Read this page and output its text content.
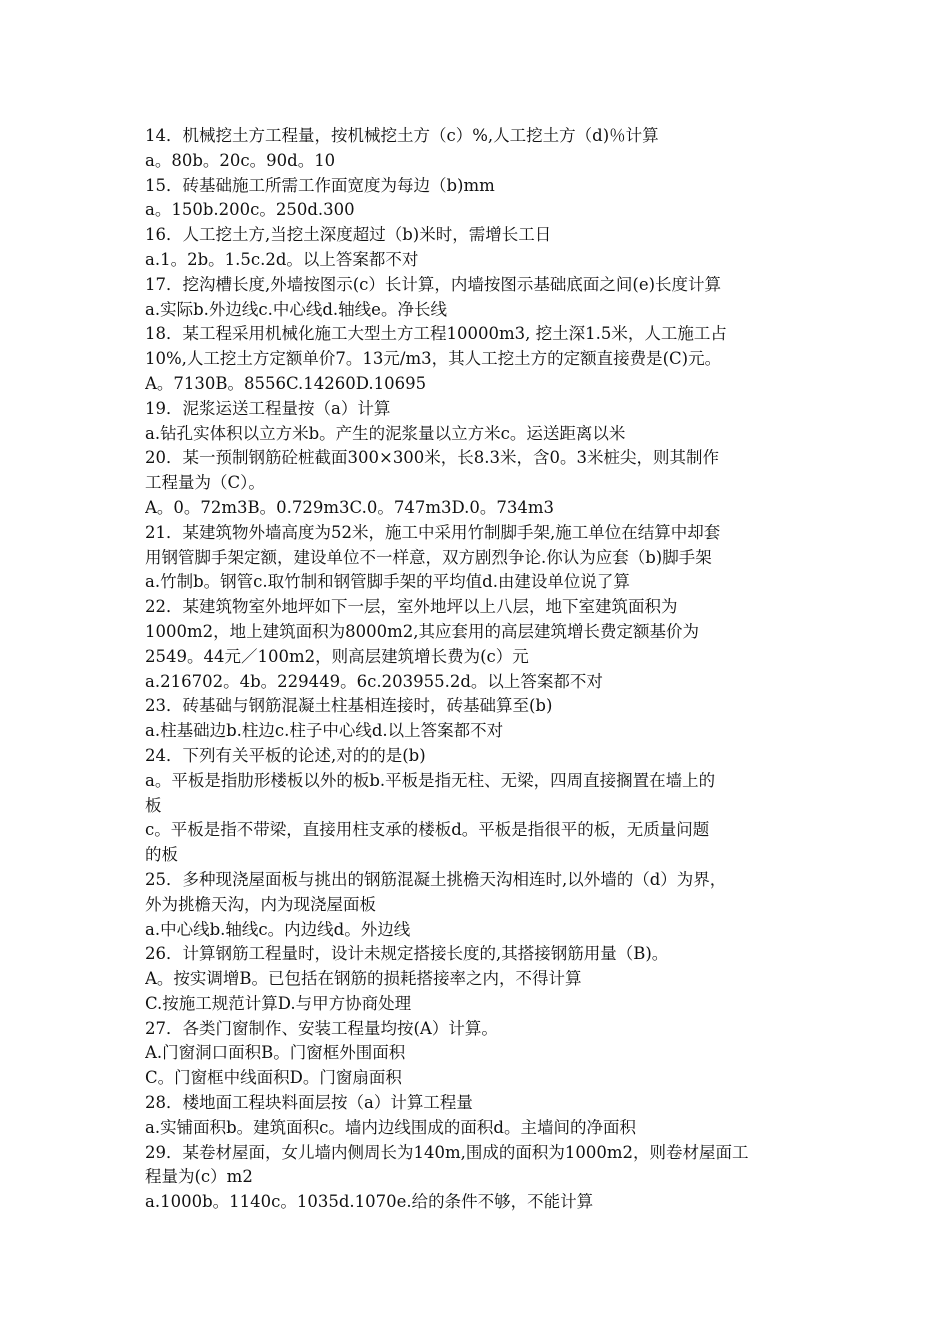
14．机械挖土方工程量，按机械挖土方（c）%,人工挖土方（d)％计算
a。80b。20c。90d。10
15．砖基础施工所需工作面宽度为每边（b)mm
a。150b.200c。250d.300
16．人工挖土方,当挖土深度超过（b)米时，需增长工日
a.1。2b。1.5c.2d。以上答案都不对
17．挖沟槽长度,外墙按图示(c）长计算，内墙按图示基础底面之间(e)长度计算
a.实际b.外边线c.中心线d.轴线e。净长线
18．某工程采用机械化施工大型土方工程10000m3, 挖土深1.5米，人工施工占
10%,人工挖土方定额单价7。13元/m3，其人工挖土方的定额直接费是(C)元。
A。7130B。8556C.14260D.10695
19．泥浆运送工程量按（a）计算
a.钻孔实体积以立方米b。产生的泥浆量以立方米c。运送距离以米
20．某一预制钢筋砼桩截面300×300米，长8.3米，含0。3米桩尖，则其制作
工程量为（C）。
A。0。72m3B。0.729m3C.0。747m3D.0。734m3
21．某建筑物外墙高度为52米，施工中采用竹制脚手架,施工单位在结算中却套
用钢管脚手架定额，建设单位不一样意，双方剧烈争论.你认为应套（b)脚手架
a.竹制b。钢管c.取竹制和钢管脚手架的平均值d.由建设单位说了算
22．某建筑物室外地坪如下一层，室外地坪以上八层，地下室建筑面积为
1000m2，地上建筑面积为8000m2,其应套用的高层建筑增长费定额基价为
2549。44元／100m2，则高层建筑增长费为(c）元
a.216702。4b。229449。6c.203955.2d。以上答案都不对
23．砖基础与钢筋混凝土柱基相连接时，砖基础算至(b)
a.柱基础边b.柱边c.柱子中心线d.以上答案都不对
24．下列有关平板的论述,对的的是(b)
a。平板是指肋形楼板以外的板b.平板是指无柱、无梁，四周直接搁置在墙上的
板
c。平板是指不带梁，直接用柱支承的楼板d。平板是指很平的板，无质量问题
的板
25．多种现浇屋面板与挑出的钢筋混凝土挑檐天沟相连时,以外墙的（d）为界，
外为挑檐天沟，内为现浇屋面板
a.中心线b.轴线c。内边线d。外边线
26．计算钢筋工程量时，设计未规定搭接长度的,其搭接钢筋用量（B)。
A。按实调增B。已包括在钢筋的损耗搭接率之内，不得计算
C.按施工规范计算D.与甲方协商处理
27．各类门窗制作、安装工程量均按(A）计算。
A.门窗洞口面积B。门窗框外围面积
C。门窗框中线面积D。门窗扇面积
28．楼地面工程块料面层按（a）计算工程量
a.实铺面积b。建筑面积c。墙内边线围成的面积d。主墙间的净面积
29．某卷材屋面，女儿墙内侧周长为140m,围成的面积为1000m2，则卷材屋面工
程量为(c）m2
a.1000b。1140c。1035d.1070e.给的条件不够，不能计算
